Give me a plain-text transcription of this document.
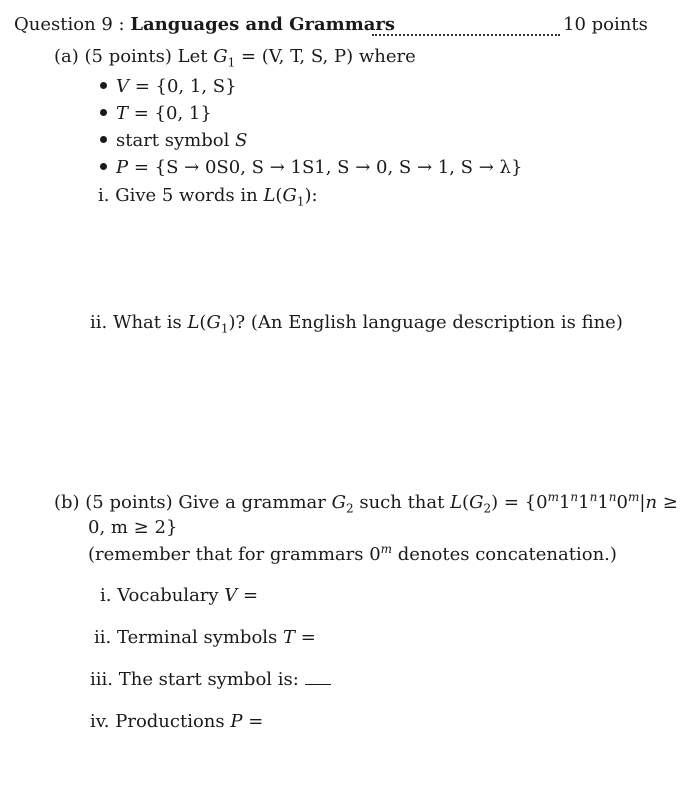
Question 9 : Languages and Grammars	10 points
(a) (5 points) Let $G_1 = (V$, T, S, P) where
V = {0, 1, S}
T = {0, 1}
start symbol S
P = {S → 0S0, S → 1S1, S → 0, S → 1, S → λ}
i. Give 5 words in $L(G_1)$:
ii. What is $L(G_1)$? (An English language description is fine)
(b) (5 points) Give a grammar $G_2$ such that $L(G_2) = \{0^m1^n1^n1^n0^m|n$ ≥
0, m ≥ 2}
(remember that for grammars 0$^m$ denotes concatenation.)
i. Vocabulary V =
ii. Terminal symbols T =
iii. The start symbol is:
iv. Productions P =
